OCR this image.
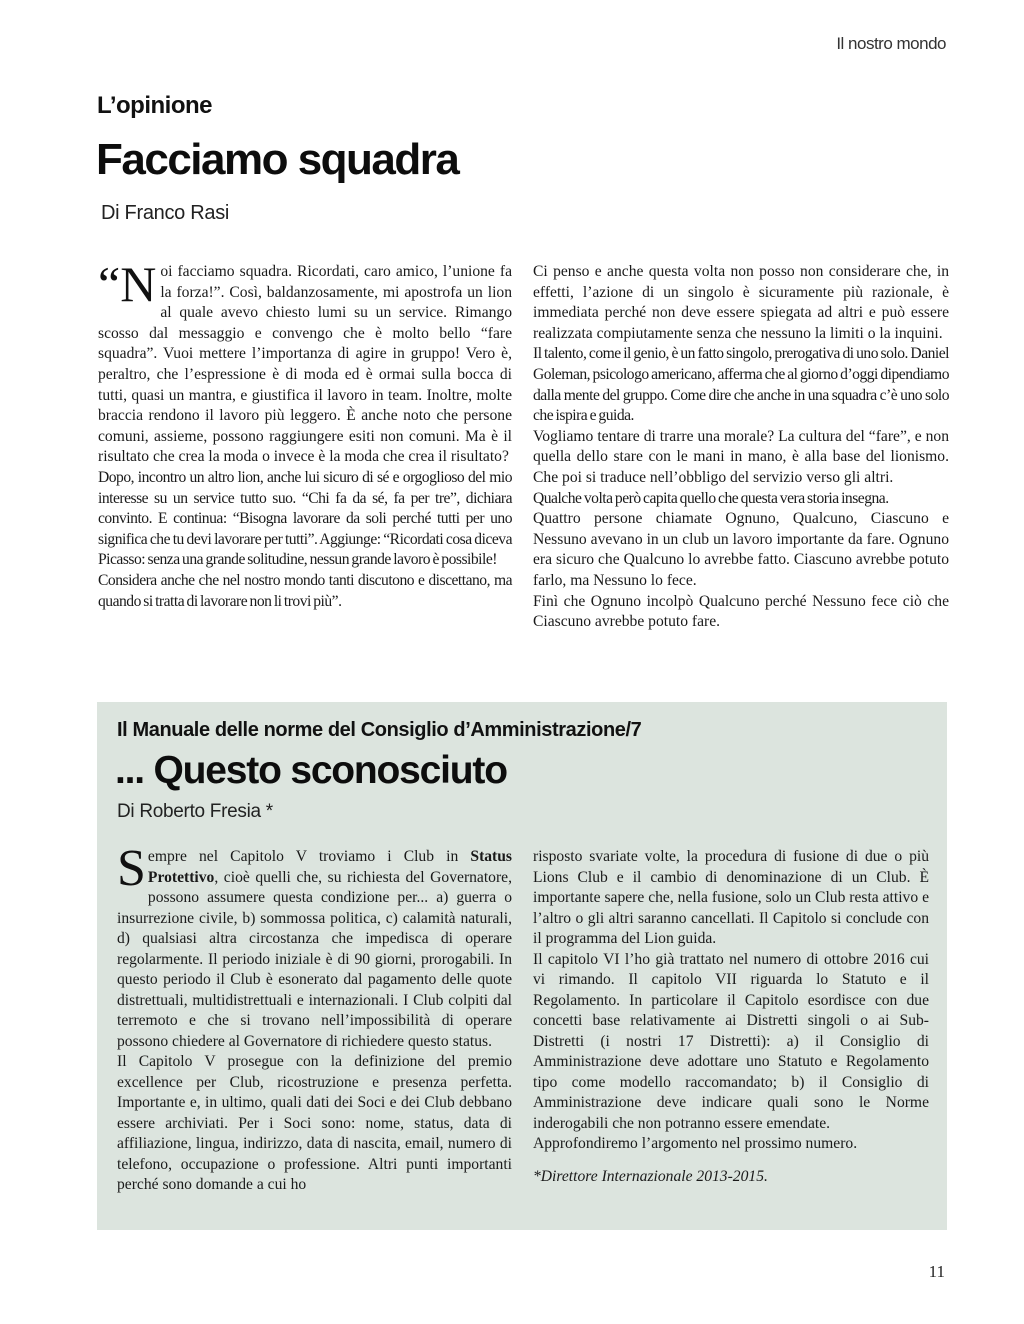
Il nostro mondo
L’opinione
Facciamo squadra
Di Franco Rasi

“N oi facciamo squadra. Ricordati, caro amico, l’unione fa la forza!”. Così, baldanzosamente, mi apostrofa un lion al quale avevo chiesto lumi su un service. Rimango scosso dal messaggio e convengo che è molto bello “fare squadra”. Vuoi mettere l’importanza di agire in gruppo! Vero è, peraltro, che l’espressione è di moda ed è ormai sulla bocca di tutti, quasi un mantra, e giustifica il lavoro in team. Inoltre, molte braccia rendono il lavoro più leggero. È anche noto che persone comuni, assieme, possono raggiungere esiti non comuni. Ma è il risultato che crea la moda o invece è la moda che crea il risultato?

Dopo, incontro un altro lion, anche lui sicuro di sé e orgoglioso del mio interesse su un service tutto suo. “Chi fa da sé, fa per tre”, dichiara convinto. E continua: “Bisogna lavorare da soli perché tutti per uno significa che tu devi lavorare per tutti”. Aggiunge: “Ricordati cosa diceva Picasso: senza una grande solitudine, nessun grande lavoro è possibile!

Considera anche che nel nostro mondo tanti discutono e discettano, ma quando si tratta di lavorare non li trovi più”.

Ci penso e anche questa volta non posso non considerare che, in effetti, l’azione di un singolo è sicuramente più razionale, è immediata perché non deve essere spiegata ad altri e può essere realizzata compiutamente senza che nessuno la limiti o la inquini.

Il talento, come il genio, è un fatto singolo, prerogativa di uno solo. Daniel Goleman, psicologo americano, afferma che al giorno d’oggi dipendiamo dalla mente del gruppo. Come dire che anche in una squadra c’è uno solo che ispira e guida.

Vogliamo tentare di trarre una morale? La cultura del “fare”, e non quella dello stare con le mani in mano, è alla base del lionismo. Che poi si traduce nell’obbligo del servizio verso gli altri.

Qualche volta però capita quello che questa vera storia insegna.

Quattro persone chiamate Ognuno, Qualcuno, Ciascuno e Nessuno avevano in un club un lavoro importante da fare. Ognuno era sicuro che Qualcuno lo avrebbe fatto. Ciascuno avrebbe potuto farlo, ma Nessuno lo fece.

Finì che Ognuno incolpò Qualcuno perché Nessuno fece ciò che Ciascuno avrebbe potuto fare.

Il Manuale delle norme del Consiglio d’Amministrazione/7
... Questo sconosciuto
Di Roberto Fresia *

Sempre nel Capitolo V troviamo i Club in Status Protettivo, cioè quelli che, su richiesta del Governatore, possono assumere questa condizione per... a) guerra o insurrezione civile, b) sommossa politica, c) calamità naturali, d) qualsiasi altra circostanza che impedisca di operare regolarmente. Il periodo iniziale è di 90 giorni, prorogabili. In questo periodo il Club è esonerato dal pagamento delle quote distrettuali, multidistrettuali e internazionali. I Club colpiti dal terremoto e che si trovano nell’impossibilità di operare possono chiedere al Governatore di richiedere questo status.

Il Capitolo V prosegue con la definizione del premio excellence per Club, ricostruzione e presenza perfetta. Importante e, in ultimo, quali dati dei Soci e dei Club debbano essere archiviati. Per i Soci sono: nome, status, data di affiliazione, lingua, indirizzo, data di nascita, email, numero di telefono, occupazione o professione. Altri punti importanti perché sono domande a cui ho

risposto svariate volte, la procedura di fusione di due o più Lions Club e il cambio di denominazione di un Club. È importante sapere che, nella fusione, solo un Club resta attivo e l’altro o gli altri saranno cancellati. Il Capitolo si conclude con il programma del Lion guida.

Il capitolo VI l’ho già trattato nel numero di ottobre 2016 cui vi rimando. Il capitolo VII riguarda lo Statuto e il Regolamento. In particolare il Capitolo esordisce con due concetti base relativamente ai Distretti singoli o ai Sub-Distretti (i nostri 17 Distretti): a) il Consiglio di Amministrazione deve adottare uno Statuto e Regolamento tipo come modello raccomandato; b) il Consiglio di Amministrazione deve indicare quali sono le Norme inderogabili che non potranno essere emendate.

Approfondiremo l’argomento nel prossimo numero.

*Direttore Internazionale 2013-2015.

11
